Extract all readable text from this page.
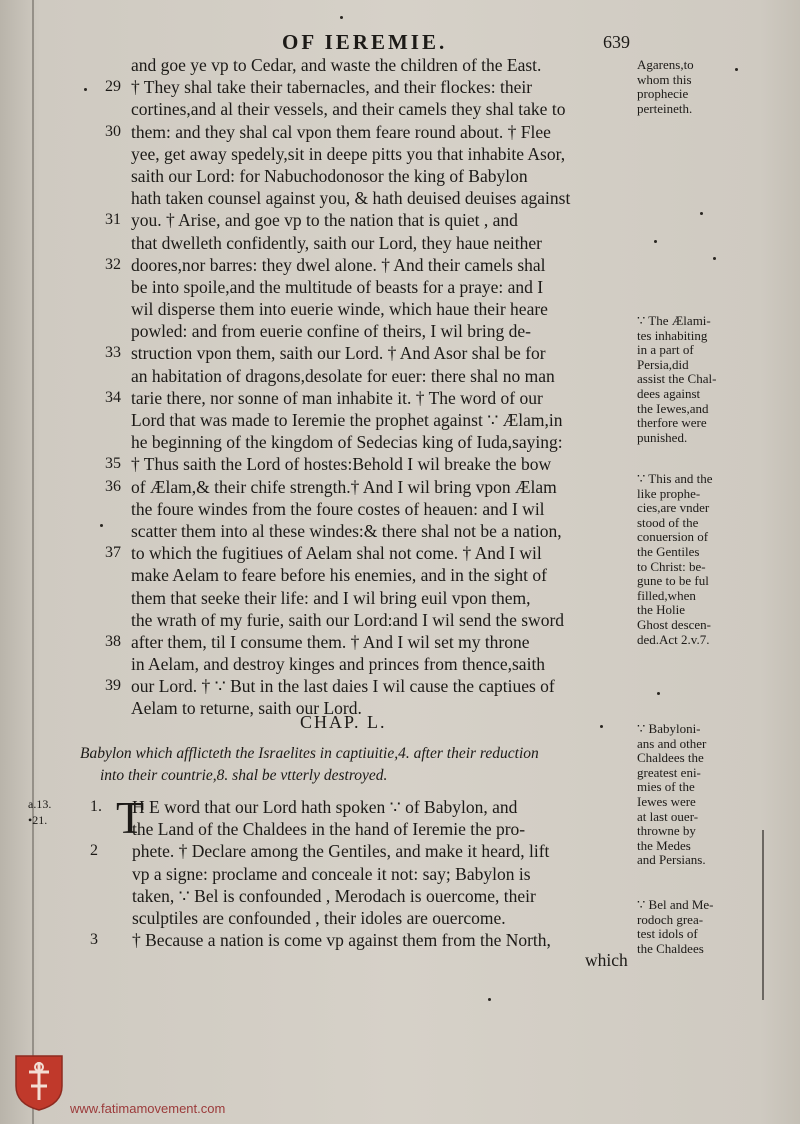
OF IEREMIE.	639
and goe ye vp to Cedar, and waste the children of the East.
29 † They shal take their tabernacles, and their flockes: their
cortines,and al their vessels, and their camels they shal take to
30 them: and they shal cal vpon them feare round about. † Flee
yee, get away spedely,sit in deepe pitts you that inhabite Asor,
saith our Lord: for Nabuchodonosor the king of Babylon
hath taken counsel against you, & hath deuised deuises against
31 you. † Arise, and goe vp to the nation that is quiet , and
that dwelleth confidently, saith our Lord, they haue neither
32 doores,nor barres: they dwel alone. † And their camels shal
be into spoile,and the multitude of beasts for a praye: and I
wil disperse them into euerie winde, which haue their heare
powled: and from euerie confine of theirs, I wil bring de-
33 struction vpon them, saith our Lord. † And Asor shal be for
an habitation of dragons,desolate for euer: there shal no man
34 tarie there, nor sonne of man inhabite it. † The word of our
Lord that was made to Ieremie the prophet against ∵ Ælam,in
he beginning of the kingdom of Sedecias king of Iuda,saying:
35 † Thus saith the Lord of hostes:Behold I wil breake the bow
36 of Ælam,& their chife strength.† And I wil bring vpon Ælam
the foure windes from the foure costes of heauen: and I wil
scatter them into al these windes:& there shal not be a nation,
37 to which the fugitiues of Aelam shal not come. † And I wil
make Aelam to feare before his enemies, and in the sight of
them that seeke their life: and I wil bring euil vpon them,
the wrath of my furie, saith our Lord:and I wil send the sword
38 after them, til I consume them. † And I wil set my throne
in Aelam, and destroy kinges and princes from thence,saith
39 our Lord. † ∵ But in the last daies I wil cause the captiues of
Aelam to returne, saith our Lord.
Agarens,to
whom this
prophecie
perteineth.
∵ The Ælami-
tes inhabiting
in a part of
Persia,did
assist the Chal-
dees against
the Iewes,and
therfore were
punished.
∵ This and the
like prophe-
cies,are vnder
stood of the
conuersion of
the Gentiles
to Christ: be-
gune to be ful
filled,when
the Holie
Ghost descen-
ded.Act 2.v.7.
∵ Babyloni-
ans and other
Chaldees the
greatest eni-
mies of the
Iewes were
at last ouer-
throwne by
the Medes
and Persians.
∵ Bel and Me-
rodoch grea-
test idols of
the Chaldees
CHAP. L.
Babylon which afflicteth the Israelites in captiuitie,4. after their reduction
into their countrie,8. shal be vtterly destroyed.
a.13.
•21. T
1.	H E word that our Lord hath spoken ∵ of Babylon, and
the Land of the Chaldees in the hand of Ieremie the pro-
2	phete. † Declare among the Gentiles, and make it heard, lift
vp a signe: proclame and conceale it not: say; Babylon is
taken, ∵ Bel is confounded , Merodach is ouercome, their
sculptiles are confounded , their idoles are ouercome.
3	† Because a nation is come vp against them from the North,
which
www.fatimamovement.com
